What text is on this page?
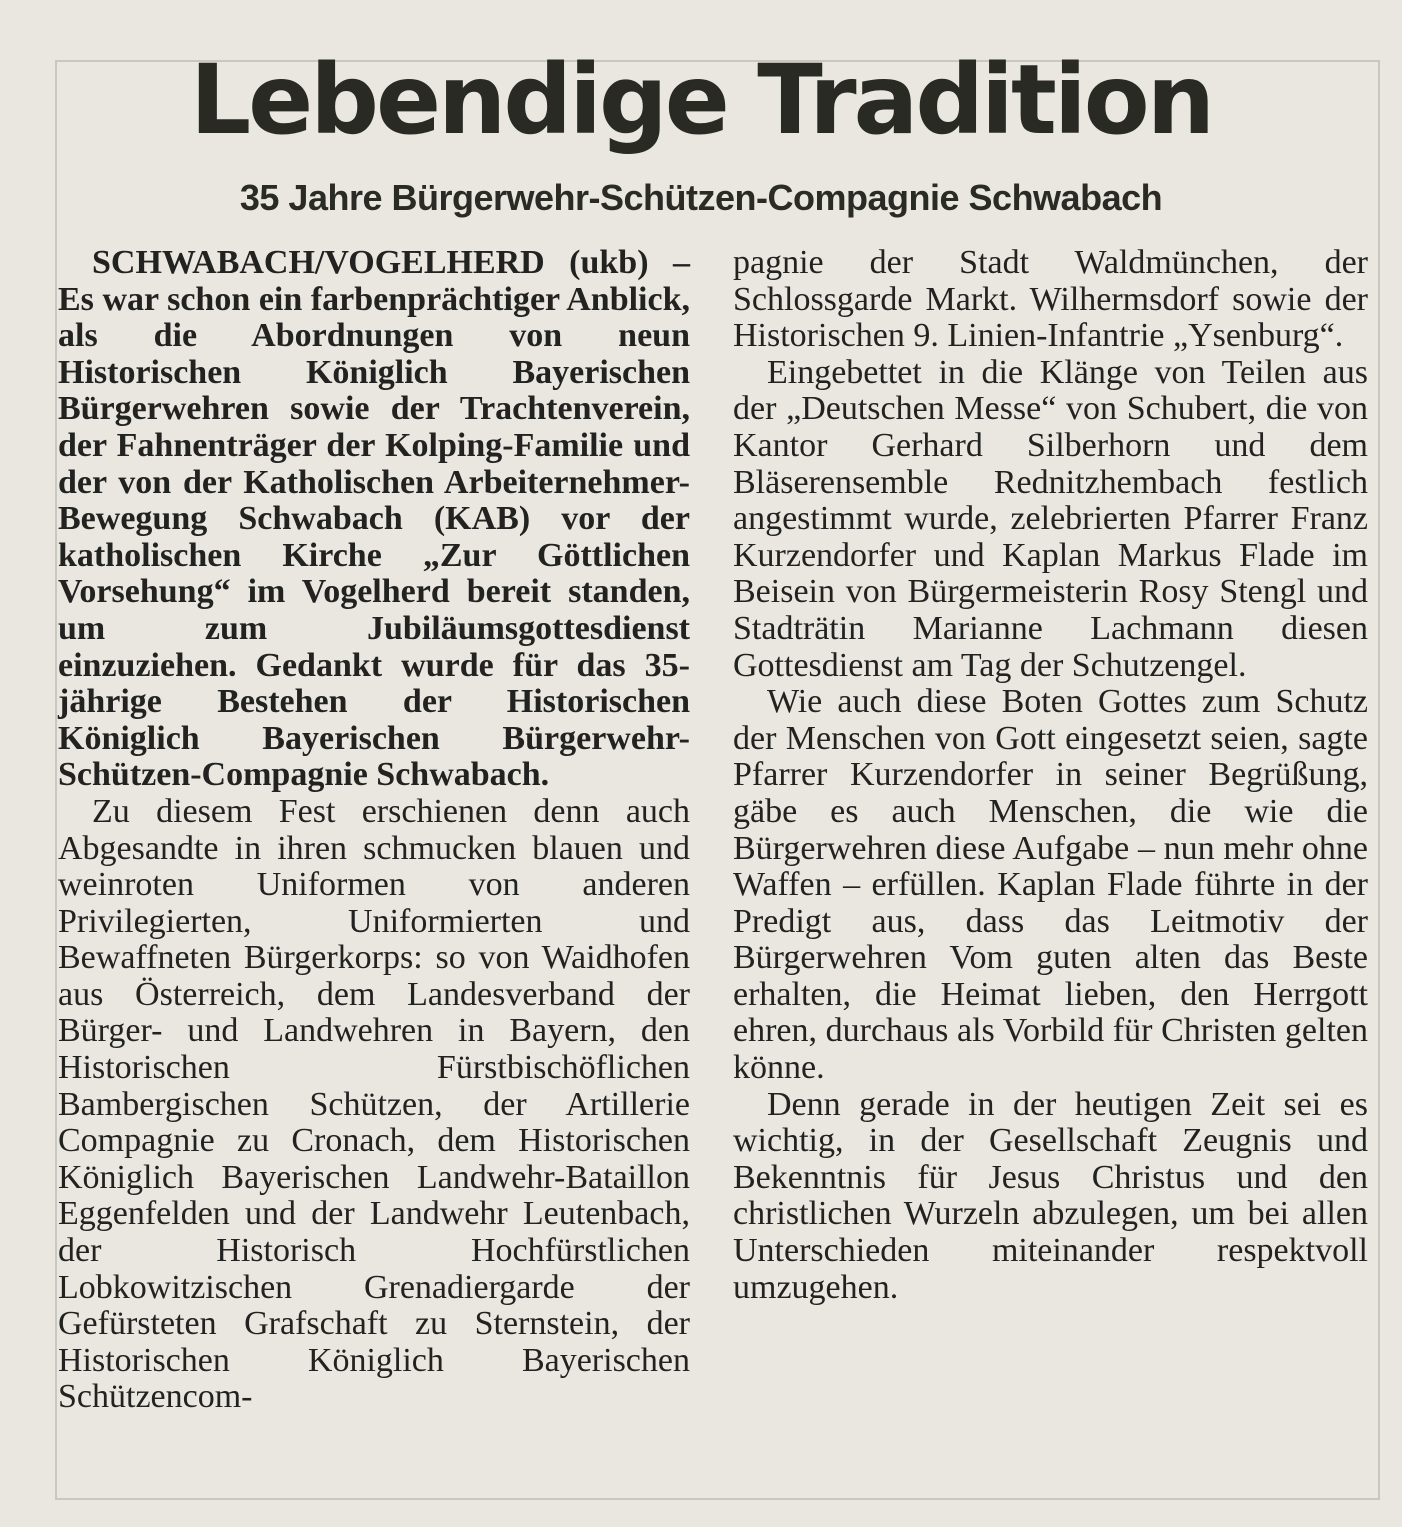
Lebendige Tradition
35 Jahre Bürgerwehr-Schützen-Compagnie Schwabach

SCHWABACH/VOGELHERD (ukb) – Es war schon ein farbenprächtiger Anblick, als die Abordnungen von neun Historischen Königlich Bayerischen Bürgerwehren sowie der Trachtenverein, der Fahnenträger der Kolping-Familie und der von der Katholischen Arbeiternehmer-Bewegung Schwabach (KAB) vor der katholischen Kirche „Zur Göttlichen Vorsehung“ im Vogelherd bereit standen, um zum Jubiläumsgottesdienst einzuziehen. Gedankt wurde für das 35-jährige Bestehen der Historischen Königlich Bayerischen Bürgerwehr-Schützen-Compagnie Schwabach.

Zu diesem Fest erschienen denn auch Abgesandte in ihren schmucken blauen und weinroten Uniformen von anderen Privilegierten, Uniformierten und Bewaffneten Bürgerkorps: so von Waidhofen aus Österreich, dem Landesverband der Bürger- und Landwehren in Bayern, den Historischen Fürstbischöflichen Bambergischen Schützen, der Artillerie Compagnie zu Cronach, dem Historischen Königlich Bayerischen Landwehr-Bataillon Eggenfelden und der Landwehr Leutenbach, der Historisch Hochfürstlichen Lobkowitzischen Grenadiergarde der Gefürsteten Grafschaft zu Sternstein, der Historischen Königlich Bayerischen Schützencom-

pagnie der Stadt Waldmünchen, der Schlossgarde Markt. Wilhermsdorf sowie der Historischen 9. Linien-Infantrie „Ysenburg“.

Eingebettet in die Klänge von Teilen aus der „Deutschen Messe“ von Schubert, die von Kantor Gerhard Silberhorn und dem Bläserensemble Rednitzhembach festlich angestimmt wurde, zelebrierten Pfarrer Franz Kurzendorfer und Kaplan Markus Flade im Beisein von Bürgermeisterin Rosy Stengl und Stadträtin Marianne Lachmann diesen Gottesdienst am Tag der Schutzengel.

Wie auch diese Boten Gottes zum Schutz der Menschen von Gott eingesetzt seien, sagte Pfarrer Kurzendorfer in seiner Begrüßung, gäbe es auch Menschen, die wie die Bürgerwehren diese Aufgabe – nun mehr ohne Waffen – erfüllen. Kaplan Flade führte in der Predigt aus, dass das Leitmotiv der Bürgerwehren Vom guten alten das Beste erhalten, die Heimat lieben, den Herrgott ehren, durchaus als Vorbild für Christen gelten könne.

Denn gerade in der heutigen Zeit sei es wichtig, in der Gesellschaft Zeugnis und Bekenntnis für Jesus Christus und den christlichen Wurzeln abzulegen, um bei allen Unterschieden miteinander respektvoll umzugehen.
